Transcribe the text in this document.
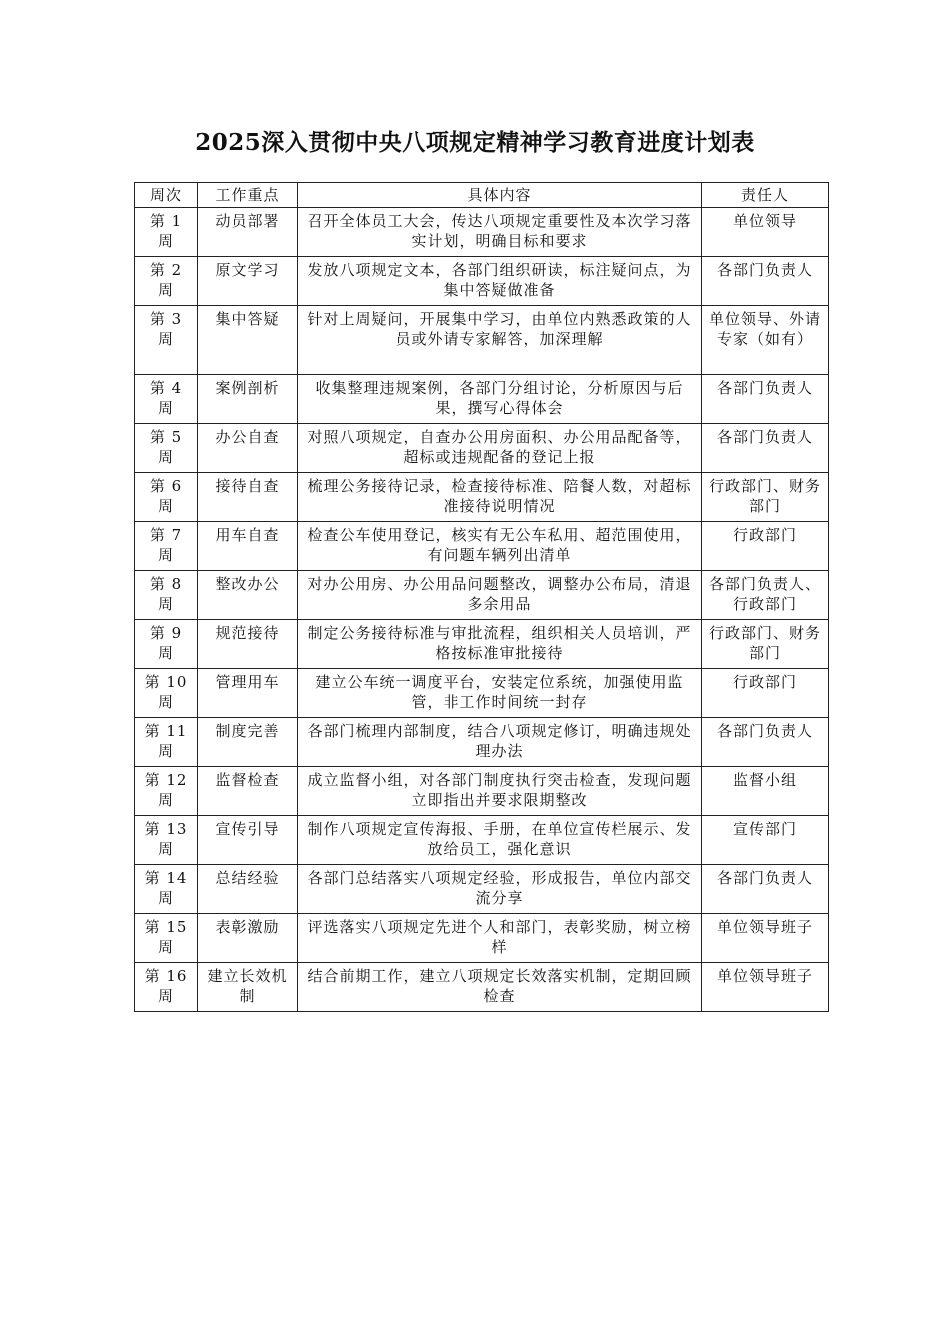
2025深入贯彻中央八项规定精神学习教育进度计划表
周次	工作重点	具体内容	责任人
第 1 周	动员部署	召开全体员工大会，传达八项规定重要性及本次学习落实计划，明确目标和要求	单位领导
第 2 周	原文学习	发放八项规定文本，各部门组织研读，标注疑问点，为集中答疑做准备	各部门负责人
第 3 周	集中答疑	针对上周疑问，开展集中学习，由单位内熟悉政策的人员或外请专家解答，加深理解	单位领导、外请专家（如有）
第 4 周	案例剖析	收集整理违规案例，各部门分组讨论，分析原因与后果，撰写心得体会	各部门负责人
第 5 周	办公自查	对照八项规定，自查办公用房面积、办公用品配备等，超标或违规配备的登记上报	各部门负责人
第 6 周	接待自查	梳理公务接待记录，检查接待标准、陪餐人数，对超标准接待说明情况	行政部门、财务部门
第 7 周	用车自查	检查公车使用登记，核实有无公车私用、超范围使用，有问题车辆列出清单	行政部门
第 8 周	整改办公	对办公用房、办公用品问题整改，调整办公布局，清退多余用品	各部门负责人、行政部门
第 9 周	规范接待	制定公务接待标准与审批流程，组织相关人员培训，严格按标准审批接待	行政部门、财务部门
第 10 周	管理用车	建立公车统一调度平台，安装定位系统，加强使用监管，非工作时间统一封存	行政部门
第 11 周	制度完善	各部门梳理内部制度，结合八项规定修订，明确违规处理办法	各部门负责人
第 12 周	监督检查	成立监督小组，对各部门制度执行突击检查，发现问题立即指出并要求限期整改	监督小组
第 13 周	宣传引导	制作八项规定宣传海报、手册，在单位宣传栏展示、发放给员工，强化意识	宣传部门
第 14 周	总结经验	各部门总结落实八项规定经验，形成报告，单位内部交流分享	各部门负责人
第 15 周	表彰激励	评选落实八项规定先进个人和部门，表彰奖励，树立榜样	单位领导班子
第 16 周	建立长效机制	结合前期工作，建立八项规定长效落实机制，定期回顾检查	单位领导班子
